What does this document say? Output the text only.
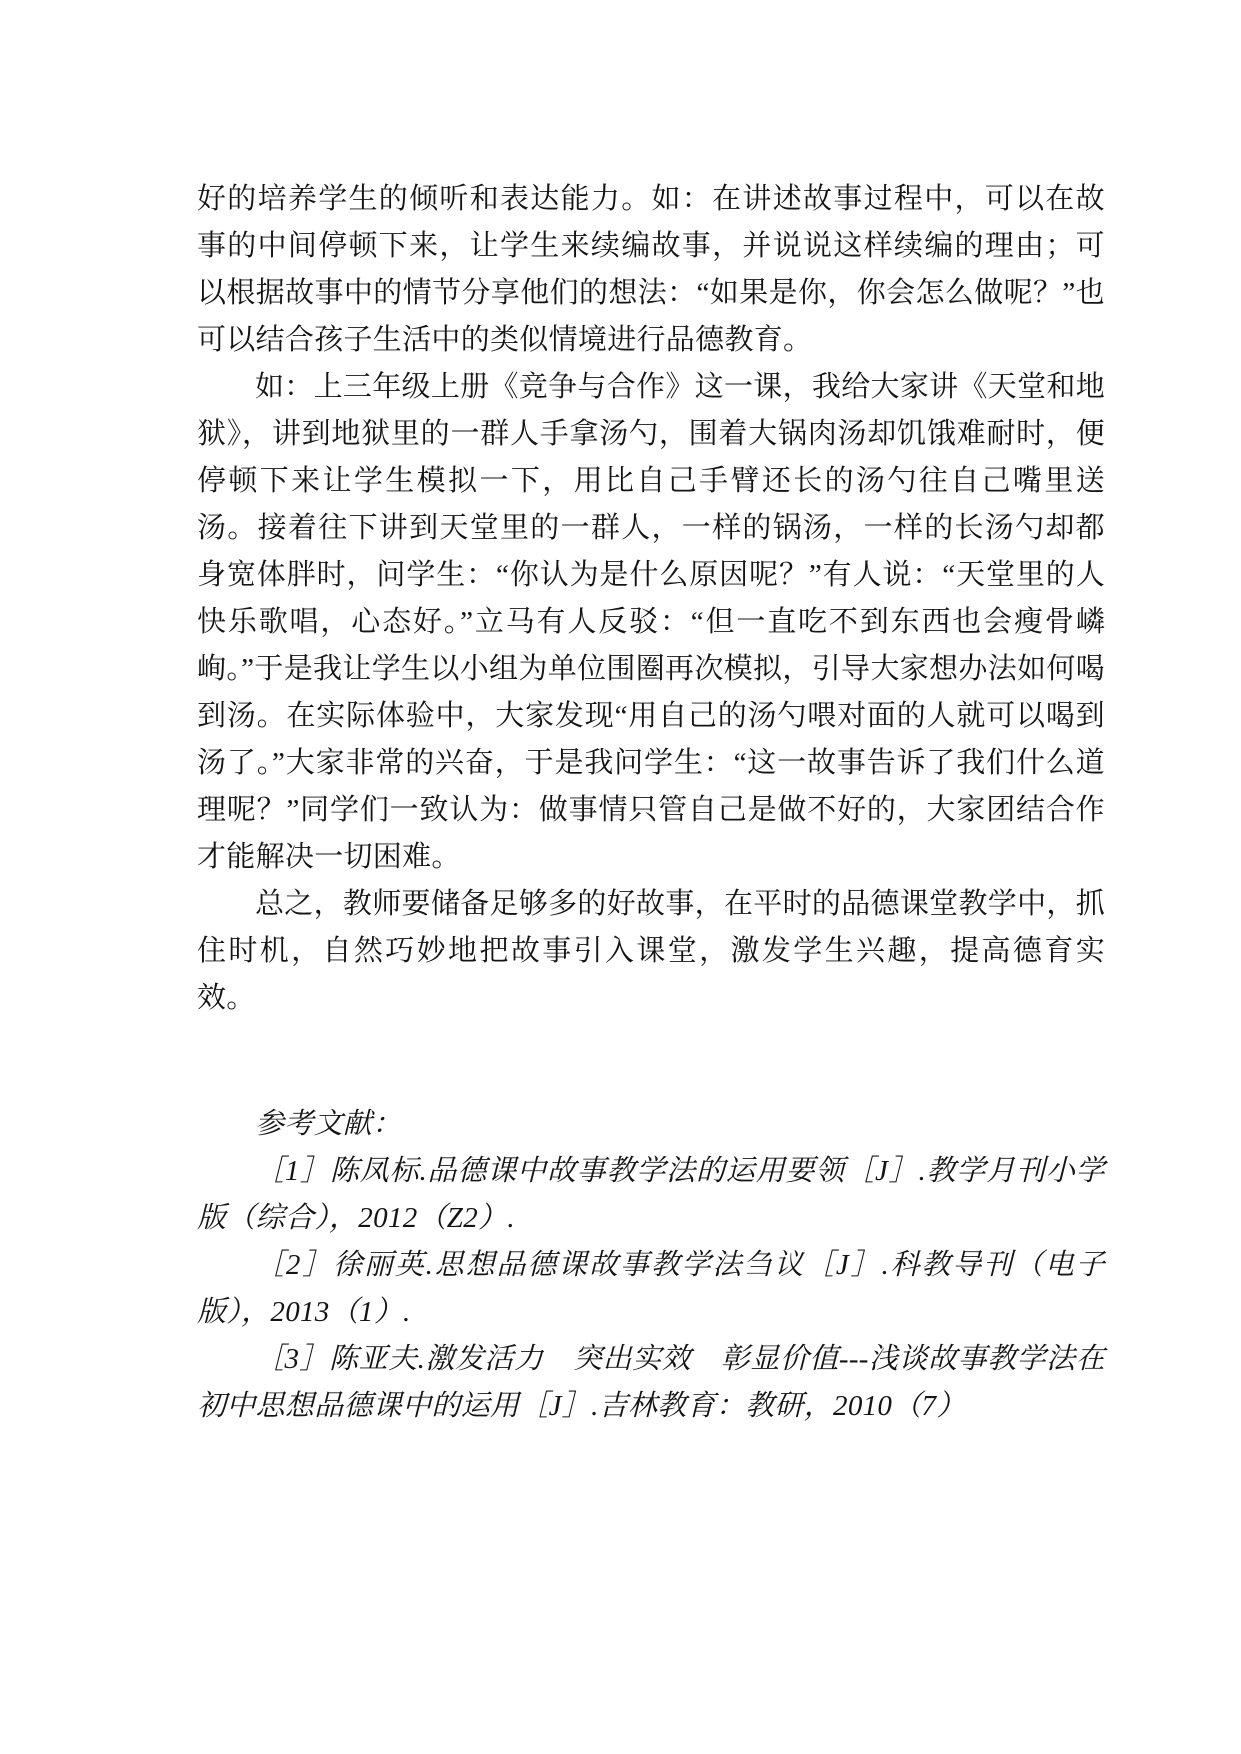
好的培养学生的倾听和表达能力。如：在讲述故事过程中，可以在故事的中间停顿下来，让学生来续编故事，并说说这样续编的理由；可以根据故事中的情节分享他们的想法：“如果是你，你会怎么做呢？”也可以结合孩子生活中的类似情境进行品德教育。

如：上三年级上册《竞争与合作》这一课，我给大家讲《天堂和地狱》，讲到地狱里的一群人手拿汤勺，围着大锅肉汤却饥饿难耐时，便停顿下来让学生模拟一下，用比自己手臂还长的汤勺往自己嘴里送汤。接着往下讲到天堂里的一群人，一样的锅汤，一样的长汤勺却都身宽体胖时，问学生：“你认为是什么原因呢？”有人说：“天堂里的人快乐歌唱，心态好。”立马有人反驳：“但一直吃不到东西也会瘦骨嶙峋。”于是我让学生以小组为单位围圈再次模拟，引导大家想办法如何喝到汤。在实际体验中，大家发现“用自己的汤勺喂对面的人就可以喝到汤了。”大家非常的兴奋，于是我问学生：“这一故事告诉了我们什么道理呢？”同学们一致认为：做事情只管自己是做不好的，大家团结合作才能解决一切困难。

总之，教师要储备足够多的好故事，在平时的品德课堂教学中，抓住时机，自然巧妙地把故事引入课堂，激发学生兴趣，提高德育实效。

参考文献：

［1］陈凤标.品德课中故事教学法的运用要领［J］.教学月刊小学版（综合），2012（Z2）.

［2］徐丽英.思想品德课故事教学法刍议［J］.科教导刊（电子版），2013（1）.

［3］陈亚夫.激发活力　突出实效　彰显价值---浅谈故事教学法在初中思想品德课中的运用［J］.吉林教育：教研，2010（7）
